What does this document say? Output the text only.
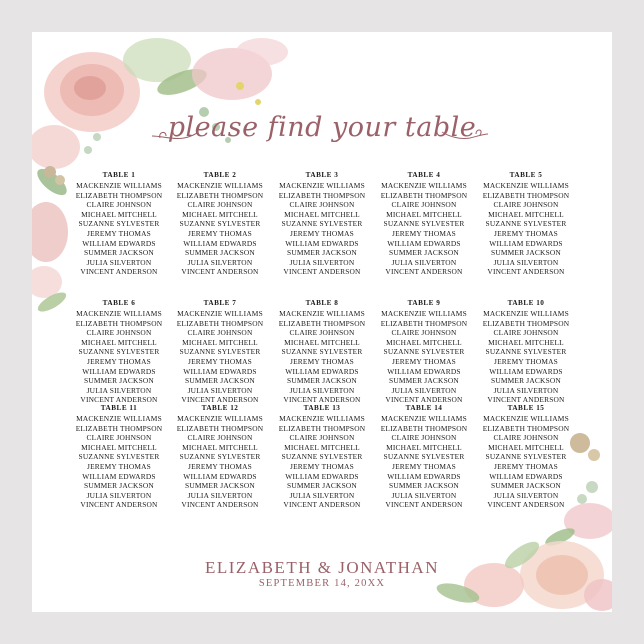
please find your table
TABLE 1
MACKENZIE WILLIAMS
ELIZABETH THOMPSON
CLAIRE JOHNSON
MICHAEL MITCHELL
SUZANNE SYLVESTER
JEREMY THOMAS
WILLIAM EDWARDS
SUMMER JACKSON
JULIA SILVERTON
VINCENT ANDERSON
TABLE 2
MACKENZIE WILLIAMS
ELIZABETH THOMPSON
CLAIRE JOHNSON
MICHAEL MITCHELL
SUZANNE SYLVESTER
JEREMY THOMAS
WILLIAM EDWARDS
SUMMER JACKSON
JULIA SILVERTON
VINCENT ANDERSON
TABLE 3
MACKENZIE WILLIAMS
ELIZABETH THOMPSON
CLAIRE JOHNSON
MICHAEL MITCHELL
SUZANNE SYLVESTER
JEREMY THOMAS
WILLIAM EDWARDS
SUMMER JACKSON
JULIA SILVERTON
VINCENT ANDERSON
TABLE 4
MACKENZIE WILLIAMS
ELIZABETH THOMPSON
CLAIRE JOHNSON
MICHAEL MITCHELL
SUZANNE SYLVESTER
JEREMY THOMAS
WILLIAM EDWARDS
SUMMER JACKSON
JULIA SILVERTON
VINCENT ANDERSON
TABLE 5
MACKENZIE WILLIAMS
ELIZABETH THOMPSON
CLAIRE JOHNSON
MICHAEL MITCHELL
SUZANNE SYLVESTER
JEREMY THOMAS
WILLIAM EDWARDS
SUMMER JACKSON
JULIA SILVERTON
VINCENT ANDERSON
TABLE 6
MACKENZIE WILLIAMS
ELIZABETH THOMPSON
CLAIRE JOHNSON
MICHAEL MITCHELL
SUZANNE SYLVESTER
JEREMY THOMAS
WILLIAM EDWARDS
SUMMER JACKSON
JULIA SILVERTON
VINCENT ANDERSON
TABLE 7
MACKENZIE WILLIAMS
ELIZABETH THOMPSON
CLAIRE JOHNSON
MICHAEL MITCHELL
SUZANNE SYLVESTER
JEREMY THOMAS
WILLIAM EDWARDS
SUMMER JACKSON
JULIA SILVERTON
VINCENT ANDERSON
TABLE 8
MACKENZIE WILLIAMS
ELIZABETH THOMPSON
CLAIRE JOHNSON
MICHAEL MITCHELL
SUZANNE SYLVESTER
JEREMY THOMAS
WILLIAM EDWARDS
SUMMER JACKSON
JULIA SILVERTON
VINCENT ANDERSON
TABLE 9
MACKENZIE WILLIAMS
ELIZABETH THOMPSON
CLAIRE JOHNSON
MICHAEL MITCHELL
SUZANNE SYLVESTER
JEREMY THOMAS
WILLIAM EDWARDS
SUMMER JACKSON
JULIA SILVERTON
VINCENT ANDERSON
TABLE 10
MACKENZIE WILLIAMS
ELIZABETH THOMPSON
CLAIRE JOHNSON
MICHAEL MITCHELL
SUZANNE SYLVESTER
JEREMY THOMAS
WILLIAM EDWARDS
SUMMER JACKSON
JULIA SILVERTON
VINCENT ANDERSON
TABLE 11
MACKENZIE WILLIAMS
ELIZABETH THOMPSON
CLAIRE JOHNSON
MICHAEL MITCHELL
SUZANNE SYLVESTER
JEREMY THOMAS
WILLIAM EDWARDS
SUMMER JACKSON
JULIA SILVERTON
VINCENT ANDERSON
TABLE 12
MACKENZIE WILLIAMS
ELIZABETH THOMPSON
CLAIRE JOHNSON
MICHAEL MITCHELL
SUZANNE SYLVESTER
JEREMY THOMAS
WILLIAM EDWARDS
SUMMER JACKSON
JULIA SILVERTON
VINCENT ANDERSON
TABLE 13
MACKENZIE WILLIAMS
ELIZABETH THOMPSON
CLAIRE JOHNSON
MICHAEL MITCHELL
SUZANNE SYLVESTER
JEREMY THOMAS
WILLIAM EDWARDS
SUMMER JACKSON
JULIA SILVERTON
VINCENT ANDERSON
TABLE 14
MACKENZIE WILLIAMS
ELIZABETH THOMPSON
CLAIRE JOHNSON
MICHAEL MITCHELL
SUZANNE SYLVESTER
JEREMY THOMAS
WILLIAM EDWARDS
SUMMER JACKSON
JULIA SILVERTON
VINCENT ANDERSON
TABLE 15
MACKENZIE WILLIAMS
ELIZABETH THOMPSON
CLAIRE JOHNSON
MICHAEL MITCHELL
SUZANNE SYLVESTER
JEREMY THOMAS
WILLIAM EDWARDS
SUMMER JACKSON
JULIA SILVERTON
VINCENT ANDERSON
ELIZABETH & JONATHAN
SEPTEMBER 14, 20XX
